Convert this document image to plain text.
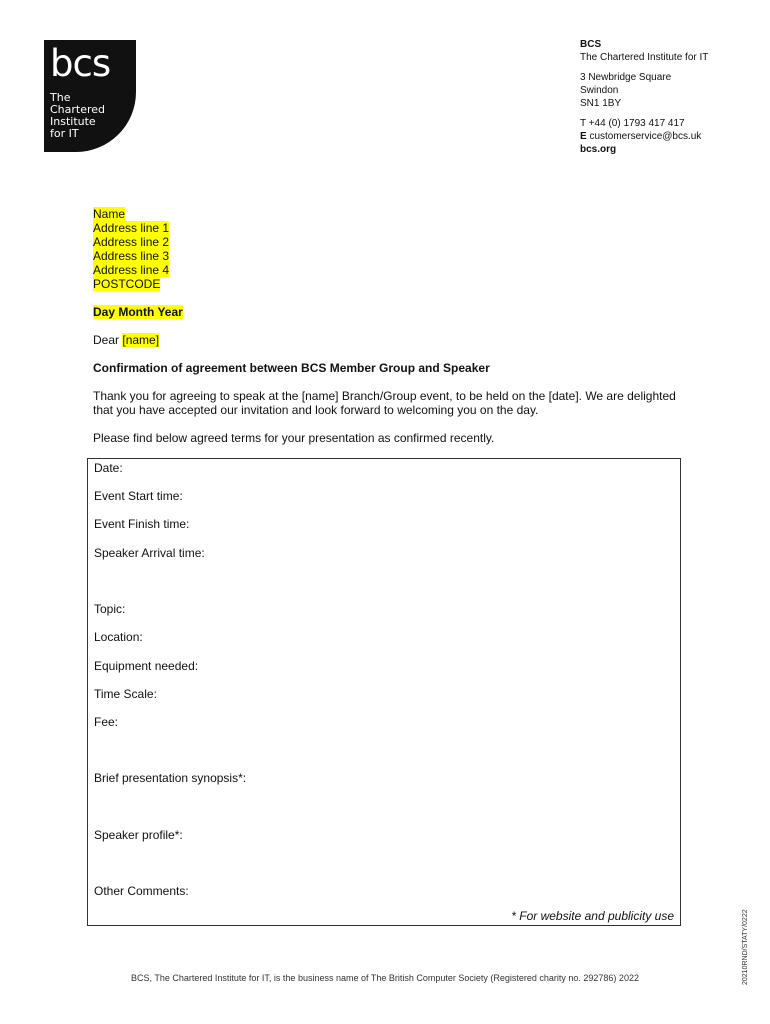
bcs
The
Chartered
Institute
for IT
BCS
The Chartered Institute for IT
3 Newbridge Square
Swindon
SN1 1BY
T +44 (0) 1793 417 417
E customerservice@bcs.uk
bcs.org
Name
Address line 1
Address line 2
Address line 3
Address line 4
POSTCODE
Day Month Year
Dear [name]
Confirmation of agreement between BCS Member Group and Speaker
Thank you for agreeing to speak at the [name] Branch/Group event, to be held on the [date]. We are delighted that you have accepted our invitation and look forward to welcoming you on the day.
Please find below agreed terms for your presentation as confirmed recently.
Date:
Event Start time:
Event Finish time:
Speaker Arrival time:
Topic:
Location:
Equipment needed:
Time Scale:
Fee:
Brief presentation synopsis*:
Speaker profile*:
Other Comments:
* For website and publicity use
BCS, The Chartered Institute for IT, is the business name of The British Computer Society (Registered charity no. 292786) 2022	20210RND/STATY/0222
